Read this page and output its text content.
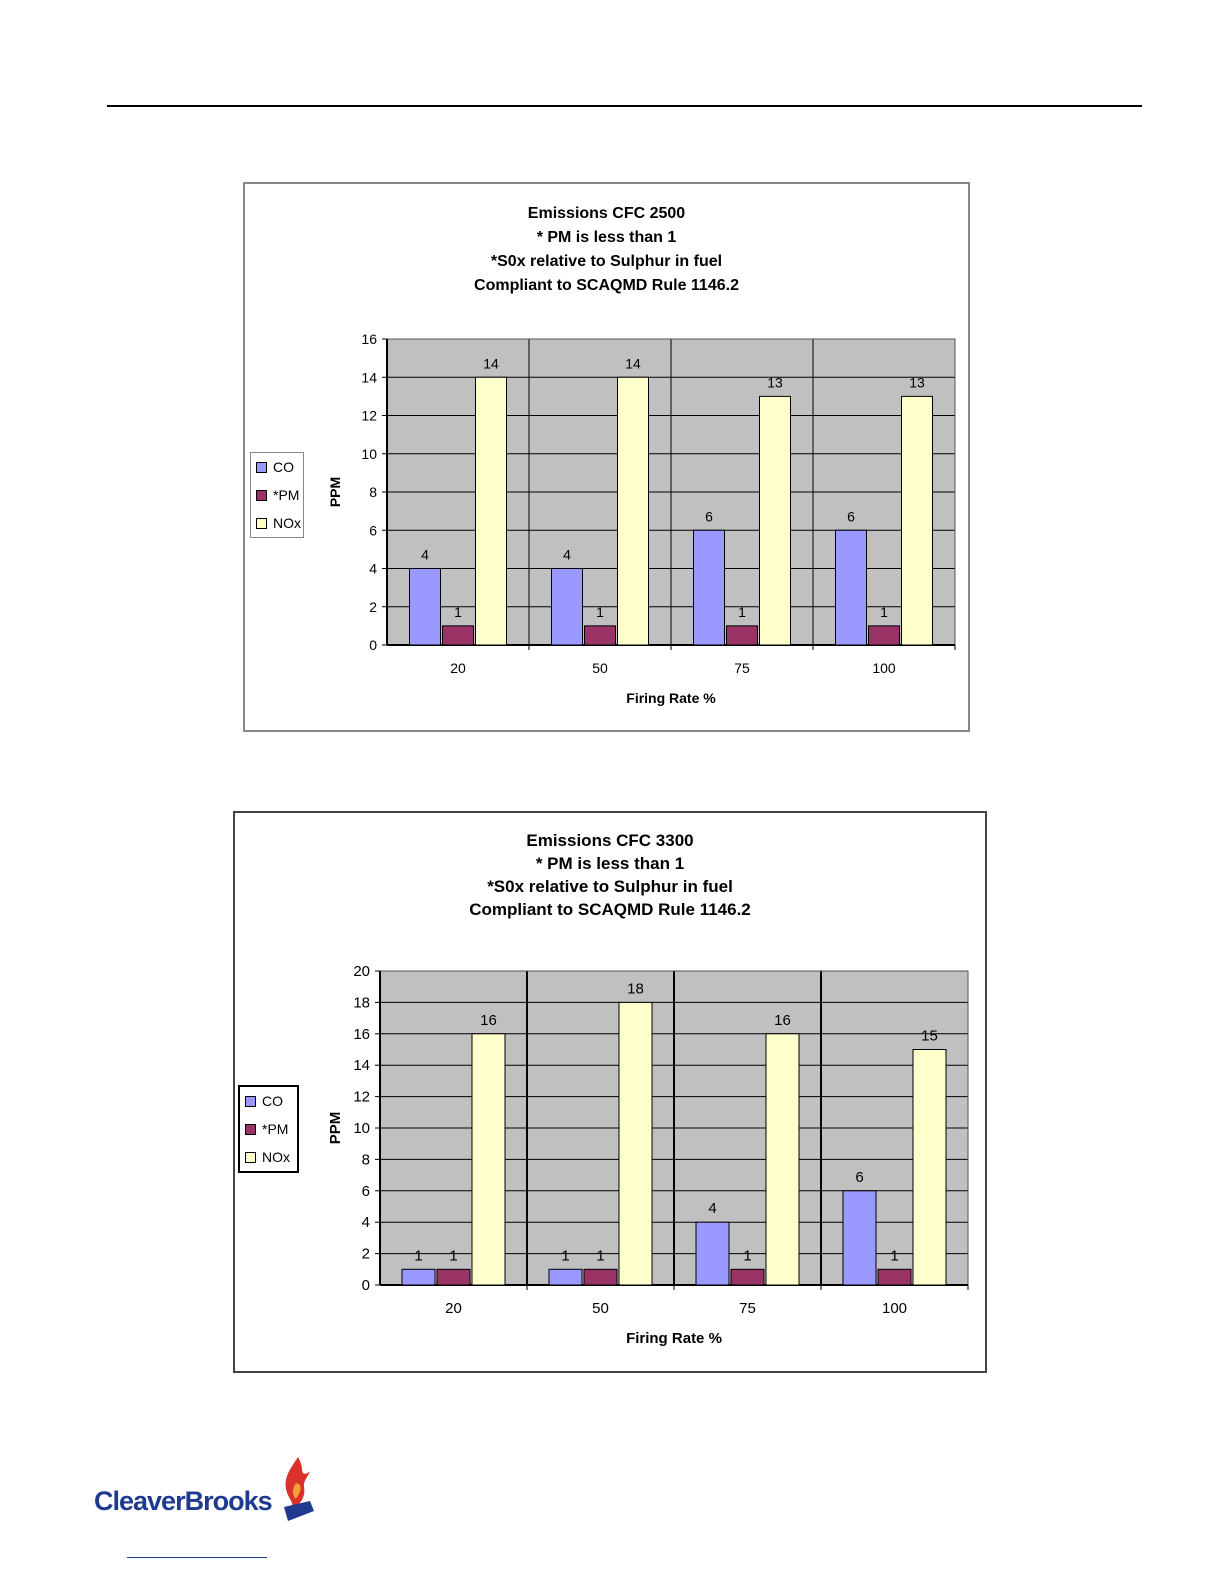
Emissions CFC 2500
* PM is less than 1
*S0x relative to Sulphur in fuel
Compliant to SCAQMD Rule 1146.2
CO
*PM
NOx
0
2
4
6
8
10
12
14
16
4
1
14
20
4
1
14
50
6
1
13
75
6
1
13
100
Firing Rate %
PPM
Emissions CFC 3300
* PM is less than 1
*S0x relative to Sulphur in fuel
Compliant to SCAQMD Rule 1146.2
CO
*PM
NOx
0
2
4
6
8
10
12
14
16
18
20
1 1
16
20
1 1
18
50
4
1
16
75
6
1
15
100
Firing Rate %
PPM
CleaverBrooks
